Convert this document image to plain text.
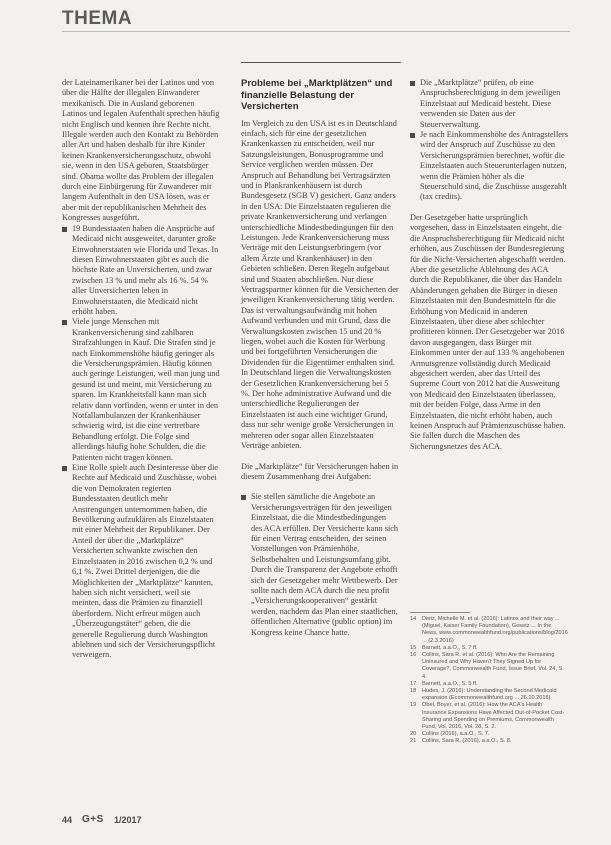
THEMA

der Lateinamerikaner bei der Latinos und von über die Hälfte der illegalen Einwanderer mexikanisch. Die in Ausland geborenen Latinos und legalen Aufenthalt sprechen häufig nicht Englisch und kennen ihre Rechte nicht. Illegale werden auch den Kontakt zu Behörden aller Art und haben deshalb für ihre Kinder keinen Krankenversicherungsschutz, obwohl sie, wenn in den USA geboren, Staatsbürger sind. Obama wollte das Problem der illegalen durch eine Einbürgerung für Zuwanderer mit langem Aufenthalt in den USA lösen, was er aber mit der republikanischen Mehrheit des Kongresses ausgeführt.

19 Bundesstaaten haben die Ansprüche auf Medicaid nicht ausgeweitet, darunter große Einwohnerstaaten wie Florida und Texas. In diesen Einwohnerstaaten gibt es auch die höchste Rate an Unversicherten, und zwar zwischen 13 % und mehr als 16 %. 54 % aller Unversicherten leben in Einwohnerstaaten, die Medicaid nicht erhöht haben.
Viele junge Menschen mit Krankenversicherung sind zahlbaren Strafzahlungen in Kauf. Die Strafen sind je nach Einkommenshöhe häufig geringer als die Versicherungsprämien. Häufig können auch geringe Leistungen, weil man jung und gesund ist und meint, mit Versicherung zu sparen. Im Krankheitsfall kann man sich relativ dann vorfinden, wenn er unter in den Notfallambulanzen der Krankenhäuser schwierig wird, ist die eine vertretbare Behandlung erfolgt. Die Folge sind allerdings häufig hohe Schulden, die die Patienten nicht tragen können.
Eine Rolle spielt auch Desinteresse über die Rechte auf Medicaid und Zuschüsse, wobei die von Demokraten regierten Bundesstaaten deutlich mehr Anstrengungen unternommen haben, die Bevölkerung aufzuklären als Einzelstaaten mit einer Mehrheit der Republikaner. Der Anteil der über die „Marktplätze“ Versicherten schwankte zwischen den Einzelstaaten in 2016 zwischen 0,2 % und 6,1 %. Zwei Drittel derjenigen, die die Möglichkeiten der „Marktplätze“ kannten, haben sich nicht versichert, weil sie meinten, dass die Prämien zu finanziell überfordern. Nicht erfreut mögen auch „Überzeugungstäter“ geben, die die generelle Regulierung durch Washington ablehnen und sich der Versicherungspflicht verweigern.
Probleme bei „Marktplätzen“ und finanzielle Belastung der Versicherten

Im Vergleich zu den USA ist es in Deutschland einfach, sich für eine der gesetzlichen Krankenkassen zu entscheiden, weil nur Satzungsleistungen, Bonusprogramme und Service verglichen werden müssen. Der Anspruch auf Behandlung bei Vertragsärzten und in Plankrankenhäusern ist durch Bundesgesetz (SGB V) gesichert. Ganz anders in den USA: Die Einzelstaaten regulieren die private Krankenversicherung und verlangen unterschiedliche Mindestbedingungen für den Leistungen. Jede Krankenversicherung muss Verträge mit den Leistungserbringern (vor allem Ärzte und Krankenhäuser) in den Gebieten schließen. Deren Regeln aufgebaut sind und Staaten abschließen. Nur diese Vertragspartner können für die Versicherten der jeweiligen Krankenversicherung tätig werden. Das ist verwaltungsaufwändig mit hohen Aufwand verbunden und mit Grund, dass die Verwaltungskosten zwischen 15 und 20 % liegen, wobei auch die Kosten für Werbung und bei fortgeführten Versicherungen die Dividenden für die Eigentümer enthalten sind. In Deutschland liegen die Verwaltungskosten der Gesetzlichen Krankenversicherung bei 5 %. Der hohe administrative Aufwand und die unterschiedliche Regulierungen der Einzelstaaten ist auch eine wichtiger Grund, dass nur sehr wenige große Versicherungen in mehreren oder sogar allen Einzelstaaten Verträge anbieten.

Die „Marktplätze“ für Versicherungen haben in diesem Zusammenhang drei Aufgaben:

Sie stellen sämtliche die Angebote an Versicherungsverträgen für den jeweiligen Einzelstaat, die die Mindestbedingungen des ACA erfüllen. Der Versicherte kann sich für einen Vertrag entscheiden, der seinen Vorstellungen von Prämienhöhe, Selbstbehalten und Leistungsumfang gibt. Durch die Transparenz der Angebote erhofft sich der Gesetzgeber mehr Wettbewerb. Der sollte nach dem ACA durch die neu profit „Versicherungskooperativen“ gestärkt werden, nachdem das Plan einer staatlichen, öffentlichen Alternative (public option) im Kongress keine Chance hatte.
Die „Marktplätze“ prüfen, ob eine Anspruchsberechtigung in dem jeweiligen Einzelstaat auf Medicaid besteht. Diese verwenden sie Daten aus der Steuerverwaltung.
Je nach Einkommenshöhe des Antragstellers wird der Anspruch auf Zuschüsse zu den Versicherungsprämien berechnet, wofür die Einzelstaaten auch Steuerunterlagen nutzen, wenn die Prämien höher als die Steuerschuld sind, die Zuschüsse ausgezahlt (tax credits).

Der Gesetzgeber hatte ursprünglich vorgesehen, dass in Einzelstaaten eingeht, die die Anspruchsberechtigung für Medicaid nicht erhöhen, aus Zuschüssen der Bundesregierung für die Nicht-Versicherten abgeschafft werden. Aber die gesetzliche Ablehnung des ACA durch die Republikaner, die über das Handeln Abänderungen gehaben die Bürger in diesen Einzelstaaten mit den Bundesmitteln für die Erhöhung von Medicaid in anderen Einzelstaaten, über diese aber schlechter profitieren können. Der Gesetzgeber war 2016 davon ausgegangen, dass Bürger mit Einkommen unter der auf 133 % angehobenen Armutsgrenze vollständig durch Medicaid abgesichert werden, aber das Urteil des Supreme Court von 2012 hat die Ausweitung von Medicaid den Einzelstaaten überlassen, mit der beiden Folge, dass Arme in den Einzelstaaten, die nicht erhöht haben, auch keinen Anspruch auf Prämienzuschüsse haben. Sie fallen durch die Maschen des Sicherungsnetzes des ACA.

14 Dietz, Michelle M. et al. (2016): Latinos and their way ... (Miguel, Kaiser Family Foundation), Gesetz ... In the News, www.commonwealthfund.org/publications/blog/2016 ... (2.3.2016)
15 Barnett, a.a.O., S. 7 ff.
16 Collins, Sara R. et al. (2016): Who Are the Remaining Uninsured and Why Haven't They Signed Up for Coverage?, Commonwealth Fund, Issue Brief, Vol. 24, S. 4.
17 Barnett, a.a.O., S. 5 ff.
18 Hudes, J. (2016): Understanding the Second Medicaid expansion (Ecommonwealthfund.org ... 26.10.2016)
19 Obel, Boyer, et al. (2016): How the ACA's Health Insurance Expansions Have Affected Out-of-Pocket Cost-Sharing and Spending on Premiums, Commonwealth Fund, Vol. 2016, Vol. 28, S. 2.
20 Collins (2016), a.a.O., S. 7.
21 Collins, Sara R. (2016), a.a.O., S. 8.
44 G+S 1/2017
